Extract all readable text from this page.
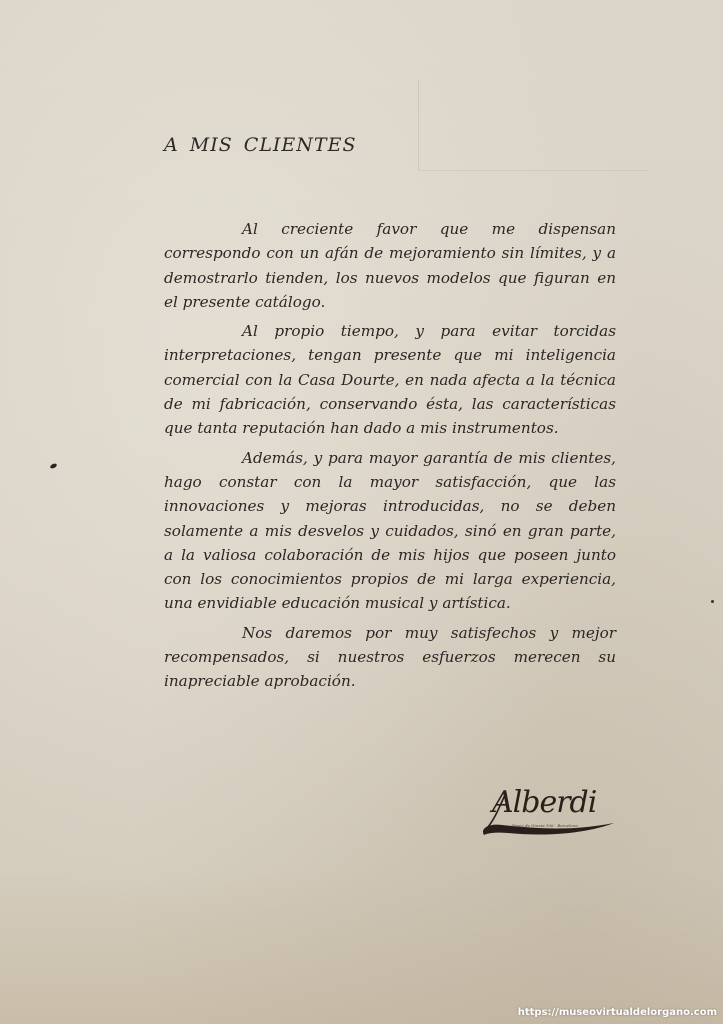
A MIS CLIENTES

Al creciente favor que me dispensan correspondo con un afán de mejoramiento sin límites, y a demostrarlo tienden, los nuevos modelos que figuran en el presente catálogo.

Al propio tiempo, y para evitar torcidas interpretaciones, tengan presente que mi inteligencia comercial con la Casa Dourte, en nada afecta a la técnica de mi fabricación, conservando ésta, las características que tanta reputación han dado a mis instrumentos.

Además, y para mayor garantía de mis clientes, hago constar con la mayor satisfacción, que las innovaciones y mejoras introducidas, no se deben solamente a mis desvelos y cuidados, sinó en gran parte, a la valiosa colaboración de mis hijos que poseen junto con los conocimientos propios de mi larga experiencia, una envidiable educación musical y artística.

Nos daremos por muy satisfechos y mejor recompensados, si nuestros esfuerzos merecen su inapreciable aprobación.

Alberdi
Paseo de Gracia 106 · Barcelona
https://museovirtualdelorgano.com
